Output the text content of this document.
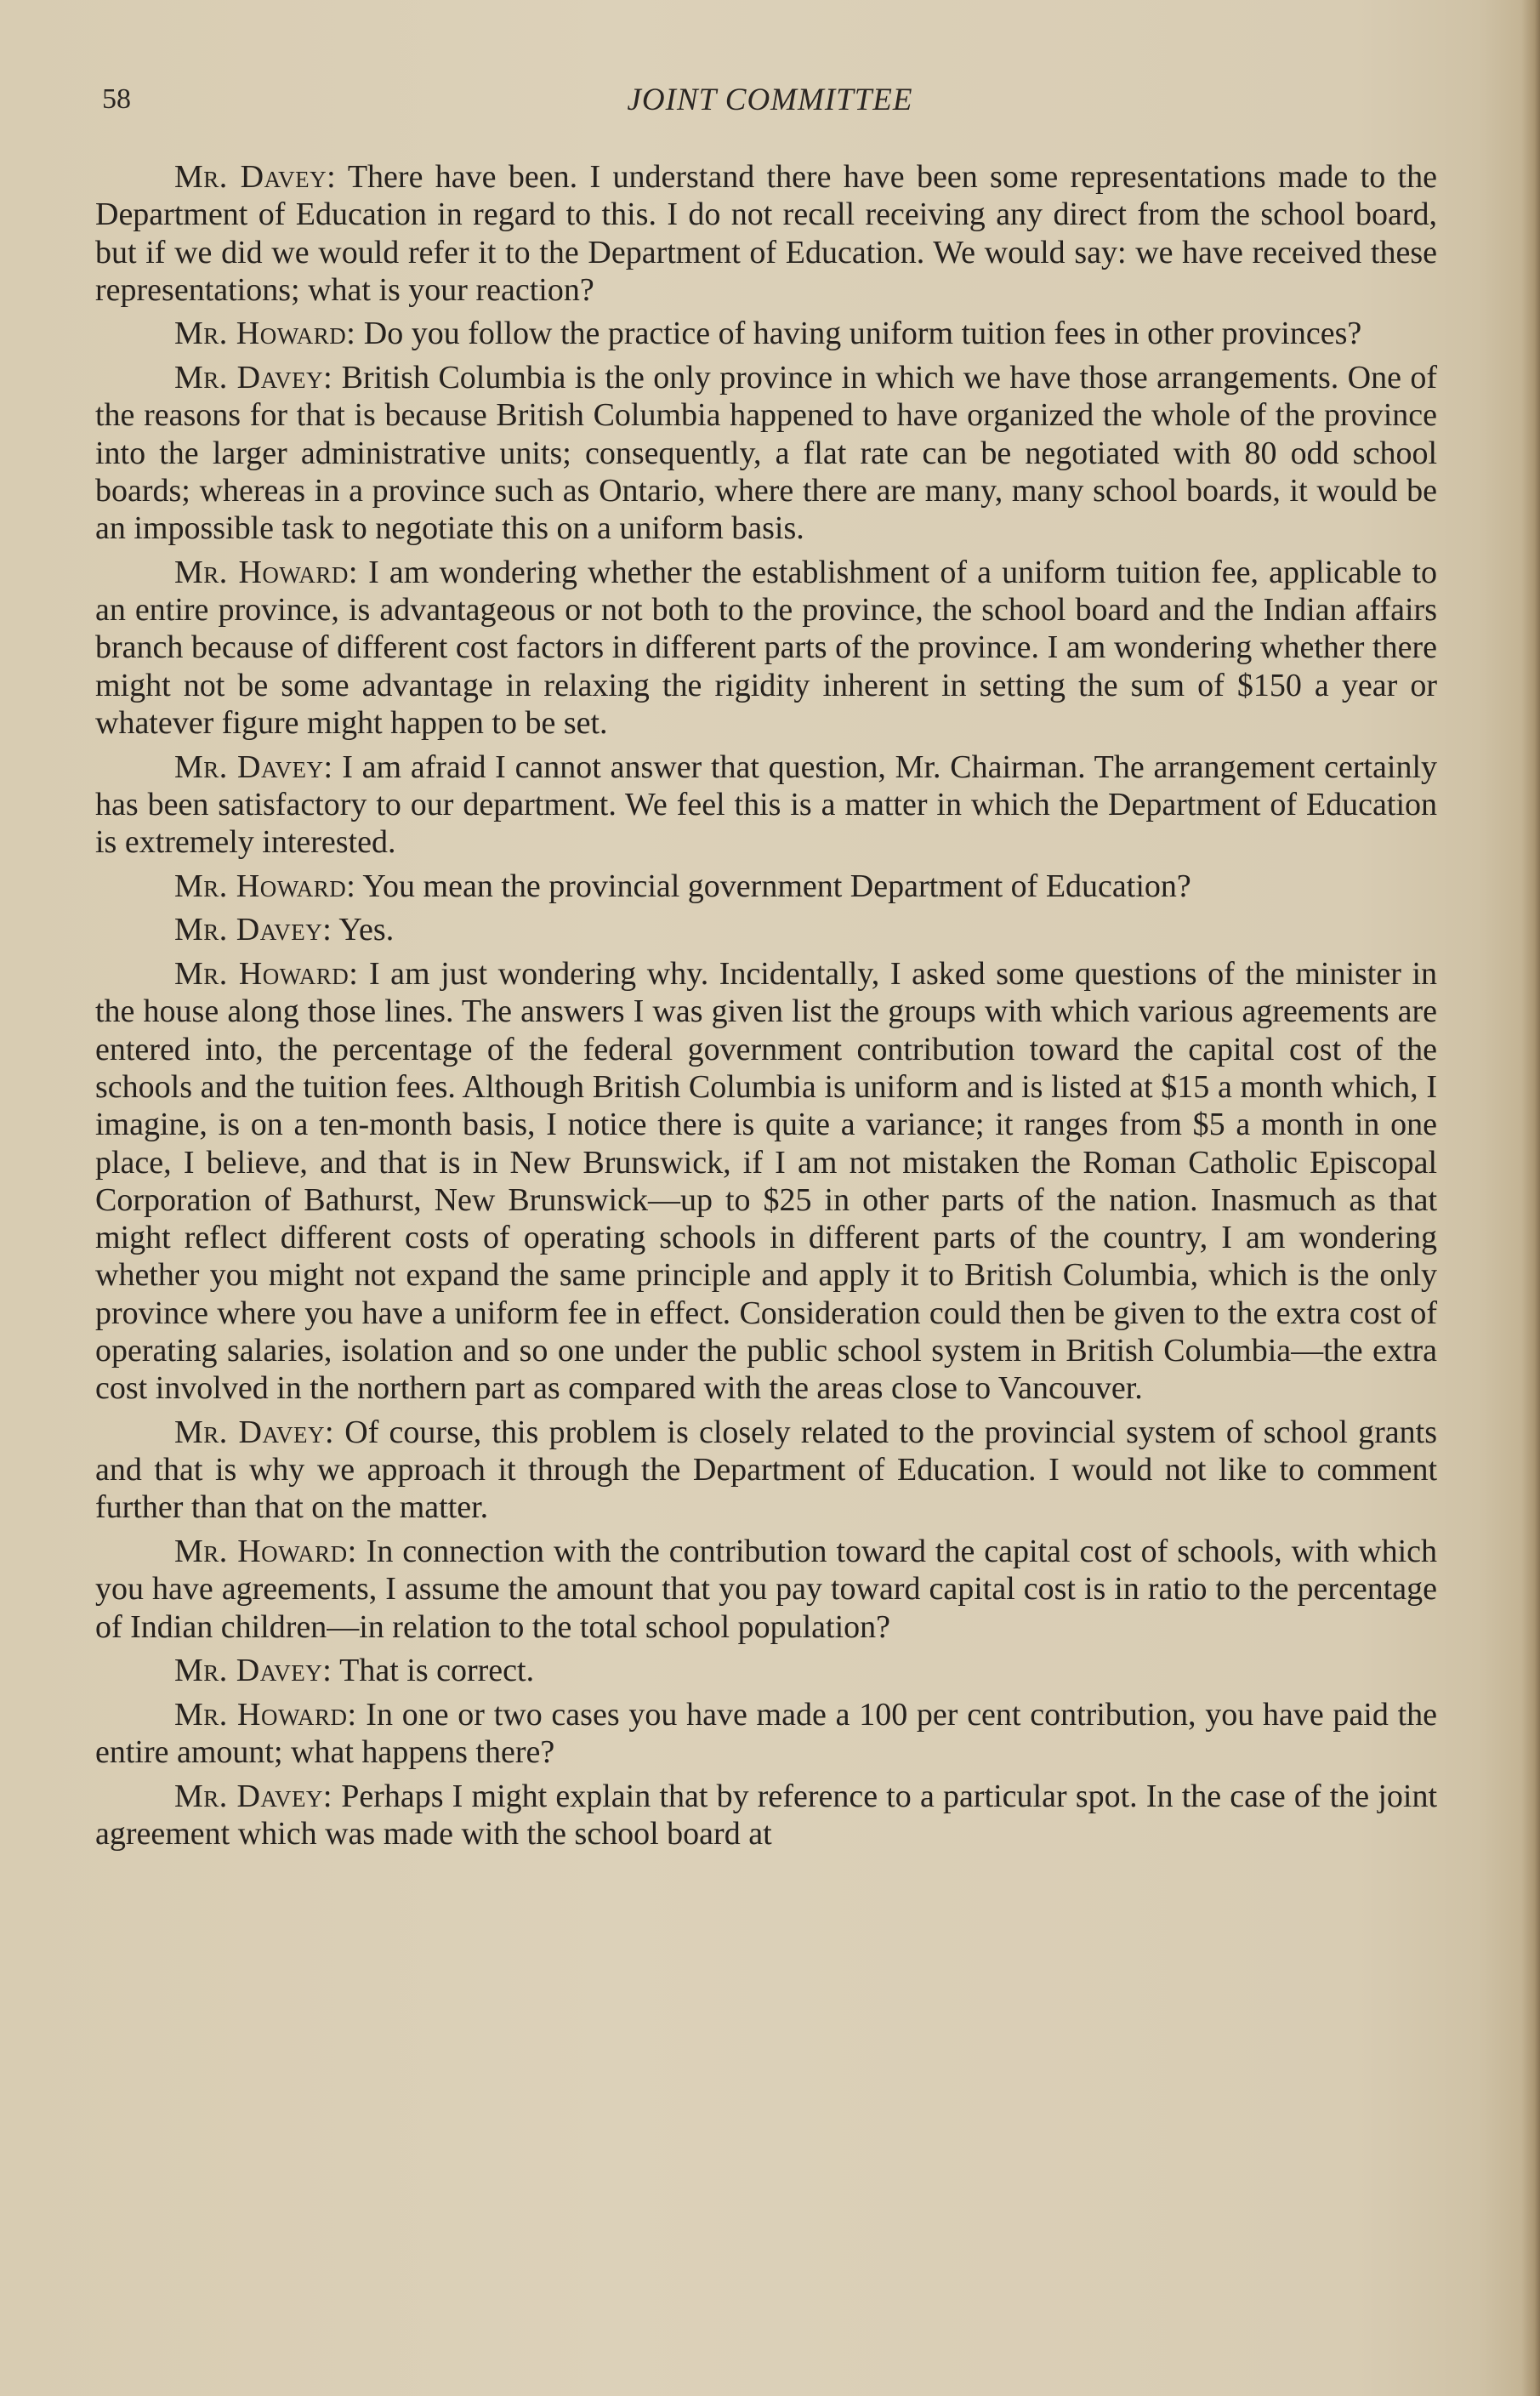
58	JOINT COMMITTEE

Mr. Davey: There have been. I understand there have been some representations made to the Department of Education in regard to this. I do not recall receiving any direct from the school board, but if we did we would refer it to the Department of Education. We would say: we have received these representations; what is your reaction?

Mr. Howard: Do you follow the practice of having uniform tuition fees in other provinces?

Mr. Davey: British Columbia is the only province in which we have those arrangements. One of the reasons for that is because British Columbia happened to have organized the whole of the province into the larger administrative units; consequently, a flat rate can be negotiated with 80 odd school boards; whereas in a province such as Ontario, where there are many, many school boards, it would be an impossible task to negotiate this on a uniform basis.

Mr. Howard: I am wondering whether the establishment of a uniform tuition fee, applicable to an entire province, is advantageous or not both to the province, the school board and the Indian affairs branch because of different cost factors in different parts of the province. I am wondering whether there might not be some advantage in relaxing the rigidity inherent in setting the sum of $150 a year or whatever figure might happen to be set.

Mr. Davey: I am afraid I cannot answer that question, Mr. Chairman. The arrangement certainly has been satisfactory to our department. We feel this is a matter in which the Department of Education is extremely interested.

Mr. Howard: You mean the provincial government Department of Education?

Mr. Davey: Yes.

Mr. Howard: I am just wondering why. Incidentally, I asked some questions of the minister in the house along those lines. The answers I was given list the groups with which various agreements are entered into, the percentage of the federal government contribution toward the capital cost of the schools and the tuition fees. Although British Columbia is uniform and is listed at $15 a month which, I imagine, is on a ten-month basis, I notice there is quite a variance; it ranges from $5 a month in one place, I believe, and that is in New Brunswick, if I am not mistaken the Roman Catholic Episcopal Corporation of Bathurst, New Brunswick—up to $25 in other parts of the nation. Inasmuch as that might reflect different costs of operating schools in different parts of the country, I am wondering whether you might not expand the same principle and apply it to British Columbia, which is the only province where you have a uniform fee in effect. Consideration could then be given to the extra cost of operating salaries, isolation and so one under the public school system in British Columbia—the extra cost involved in the northern part as compared with the areas close to Vancouver.

Mr. Davey: Of course, this problem is closely related to the provincial system of school grants and that is why we approach it through the Department of Education. I would not like to comment further than that on the matter.

Mr. Howard: In connection with the contribution toward the capital cost of schools, with which you have agreements, I assume the amount that you pay toward capital cost is in ratio to the percentage of Indian children—in relation to the total school population?

Mr. Davey: That is correct.

Mr. Howard: In one or two cases you have made a 100 per cent contribution, you have paid the entire amount; what happens there?

Mr. Davey: Perhaps I might explain that by reference to a particular spot. In the case of the joint agreement which was made with the school board at
